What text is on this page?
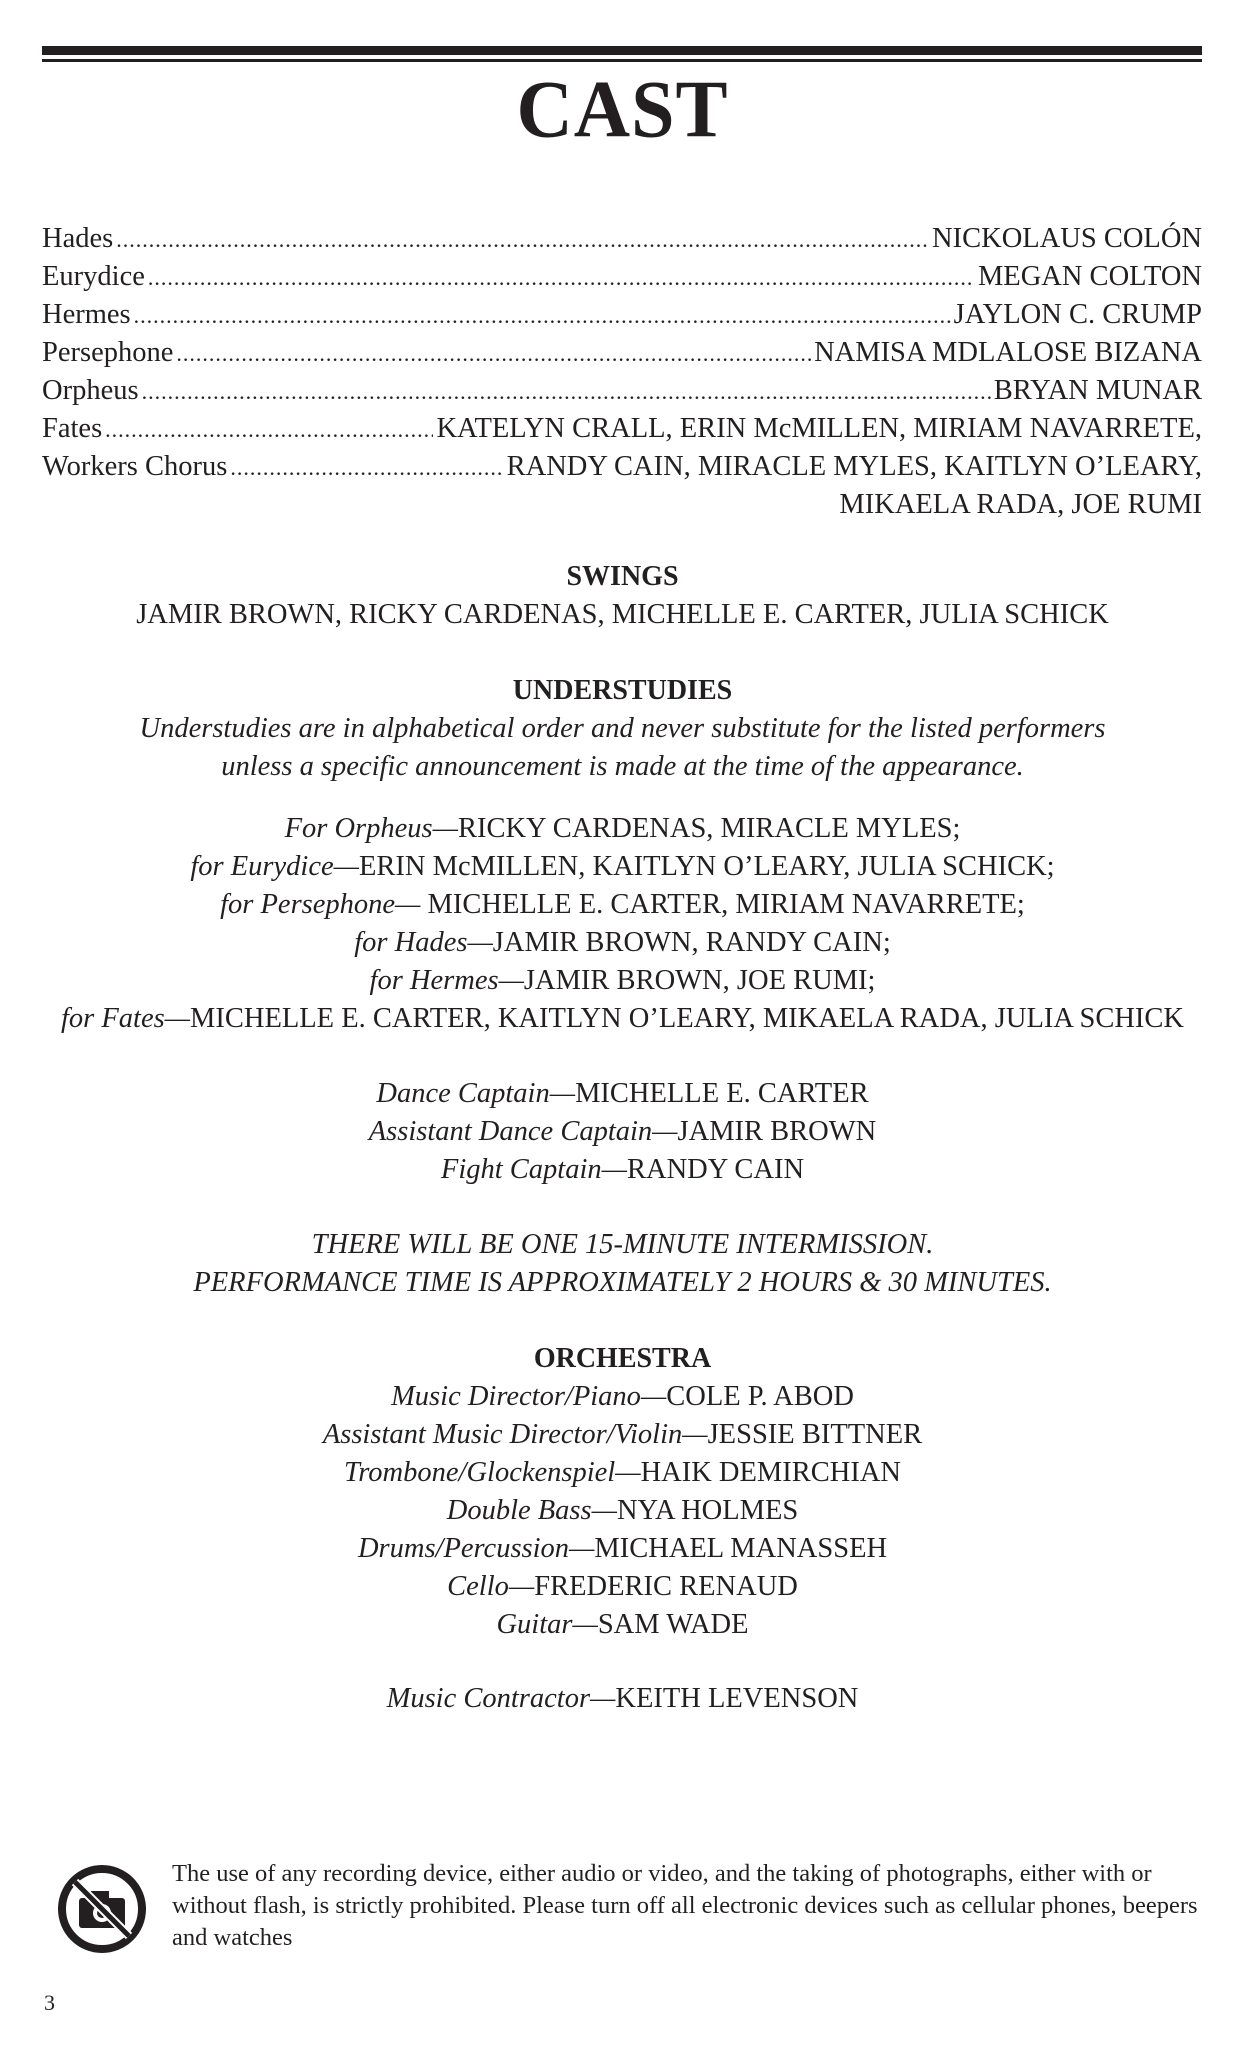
CAST
Hades .....	NICKOLAUS COLÓN
Eurydice .....	MEGAN COLTON
Hermes .....	JAYLON C. CRUMP
Persephone .....	NAMISA MDLALOSE BIZANA
Orpheus .....	BRYAN MUNAR
Fates .....	KATELYN CRALL, ERIN McMILLEN, MIRIAM NAVARRETE,
Workers Chorus .....	RANDY CAIN, MIRACLE MYLES, KAITLYN O’LEARY,
MIKAELA RADA, JOE RUMI
SWINGS
JAMIR BROWN, RICKY CARDENAS, MICHELLE E. CARTER, JULIA SCHICK
UNDERSTUDIES
Understudies are in alphabetical order and never substitute for the listed performers
unless a specific announcement is made at the time of the appearance.
For Orpheus—RICKY CARDENAS, MIRACLE MYLES;
for Eurydice—ERIN McMILLEN, KAITLYN O’LEARY, JULIA SCHICK;
for Persephone— MICHELLE E. CARTER, MIRIAM NAVARRETE;
for Hades—JAMIR BROWN, RANDY CAIN;
for Hermes—JAMIR BROWN, JOE RUMI;
for Fates—MICHELLE E. CARTER, KAITLYN O’LEARY, MIKAELA RADA, JULIA SCHICK
Dance Captain—MICHELLE E. CARTER
Assistant Dance Captain—JAMIR BROWN
Fight Captain—RANDY CAIN
THERE WILL BE ONE 15-MINUTE INTERMISSION.
PERFORMANCE TIME IS APPROXIMATELY 2 HOURS & 30 MINUTES.
ORCHESTRA
Music Director/Piano—COLE P. ABOD
Assistant Music Director/Violin—JESSIE BITTNER
Trombone/Glockenspiel—HAIK DEMIRCHIAN
Double Bass—NYA HOLMES
Drums/Percussion—MICHAEL MANASSEH
Cello—FREDERIC RENAUD
Guitar—SAM WADE
Music Contractor—KEITH LEVENSON
The use of any recording device, either audio or video, and the taking of photographs, either with or without flash, is strictly prohibited. Please turn off all electronic devices such as cellular phones, beepers and watches
3
